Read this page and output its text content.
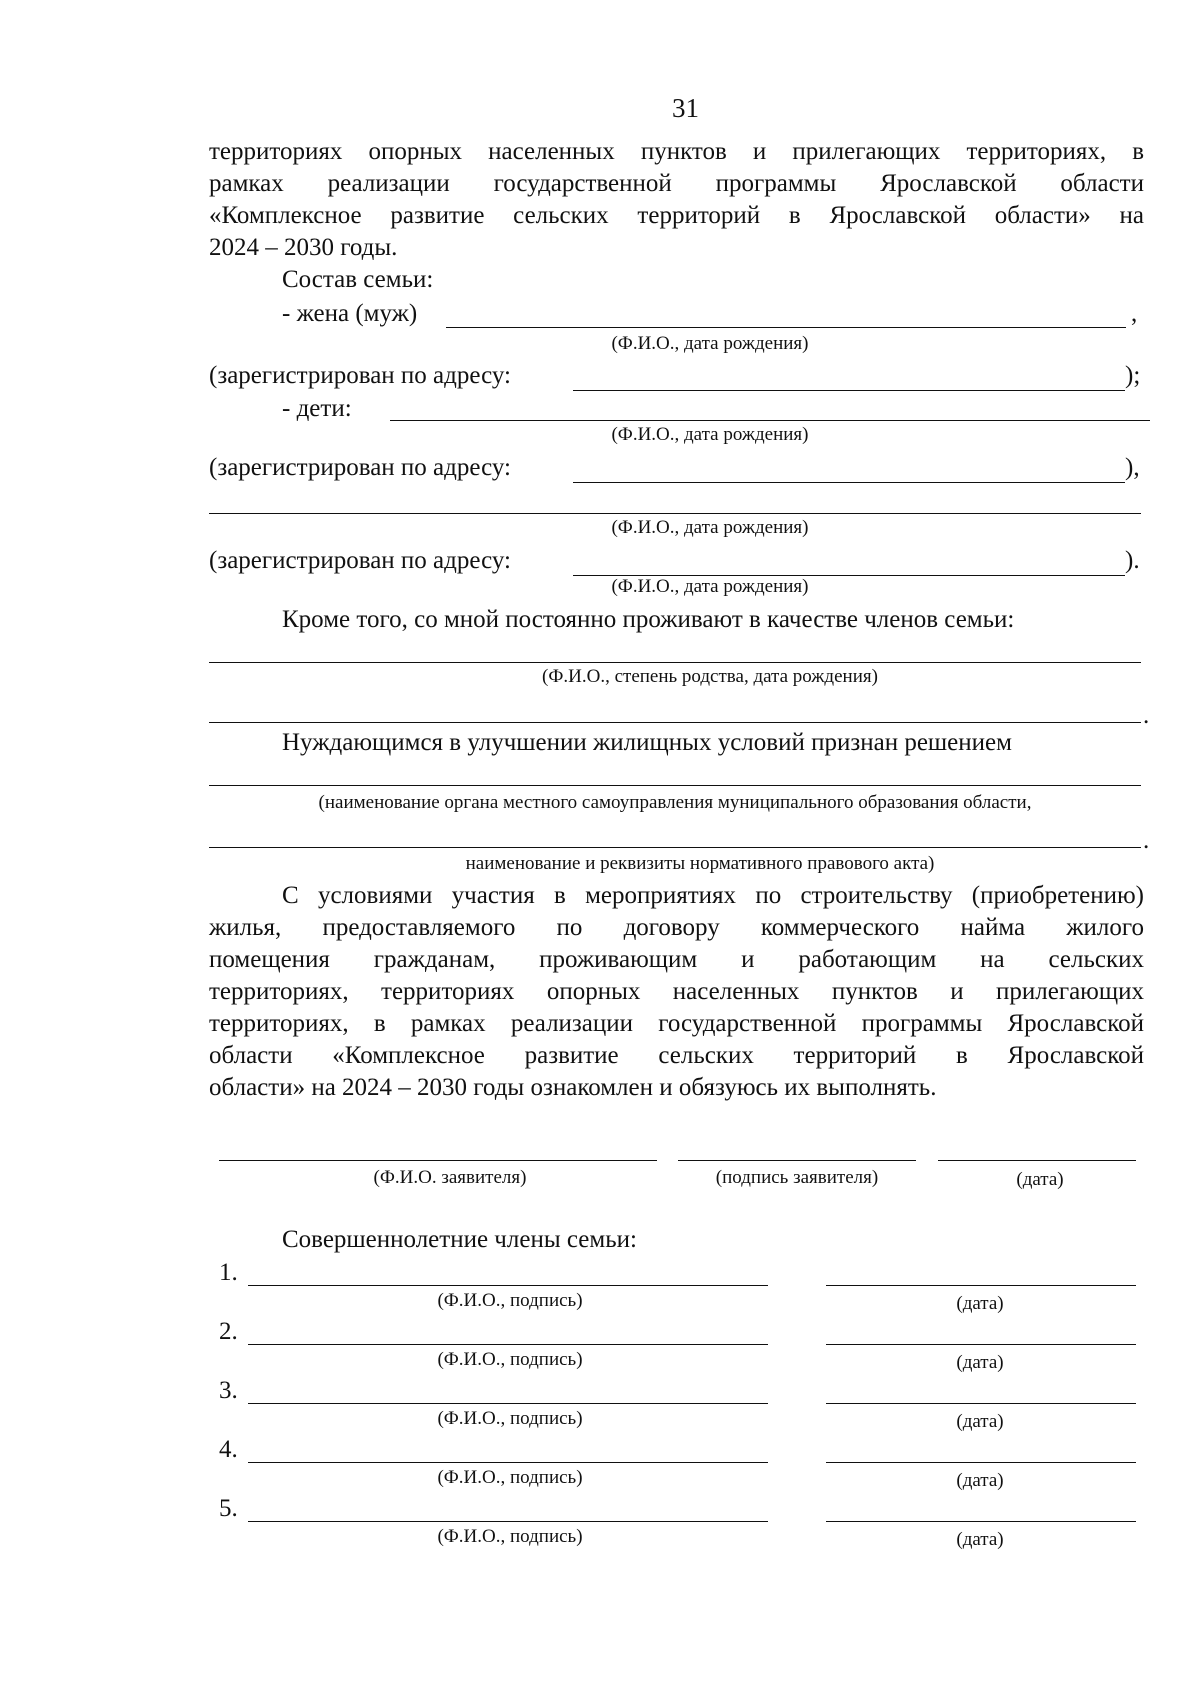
31
территориях опорных населенных пунктов и прилегающих территориях, в
рамках реализации государственной программы Ярославской области
«Комплексное развитие сельских территорий в Ярославской области» на
2024 – 2030 годы.
Состав семьи:
- жена (муж)	,
(Ф.И.О., дата рождения)
(зарегистрирован по адресу:	);
- дети:
(Ф.И.О., дата рождения)
(зарегистрирован по адресу:	),
(Ф.И.О., дата рождения)
(зарегистрирован по адресу:	).
(Ф.И.О., дата рождения)
Кроме того, со мной постоянно проживают в качестве членов семьи:
(Ф.И.О., степень родства, дата рождения)
.
Нуждающимся в улучшении жилищных условий признан решением
(наименование органа местного самоуправления муниципального образования области,
.
наименование и реквизиты нормативного правового акта)
С условиями участия в мероприятиях по строительству (приобретению)
жилья, предоставляемого по договору коммерческого найма жилого
помещения гражданам, проживающим и работающим на сельских
территориях, территориях опорных населенных пунктов и прилегающих
территориях, в рамках реализации государственной программы Ярославской
области «Комплексное развитие сельских территорий в Ярославской
области» на 2024 – 2030 годы ознакомлен и обязуюсь их выполнять.
(Ф.И.О. заявителя)	(подпись заявителя)	(дата)
Совершеннолетние члены семьи:
1.
(Ф.И.О., подпись)	(дата)
2.
(Ф.И.О., подпись)	(дата)
3.
(Ф.И.О., подпись)	(дата)
4.
(Ф.И.О., подпись)	(дата)
5.
(Ф.И.О., подпись)	(дата)
